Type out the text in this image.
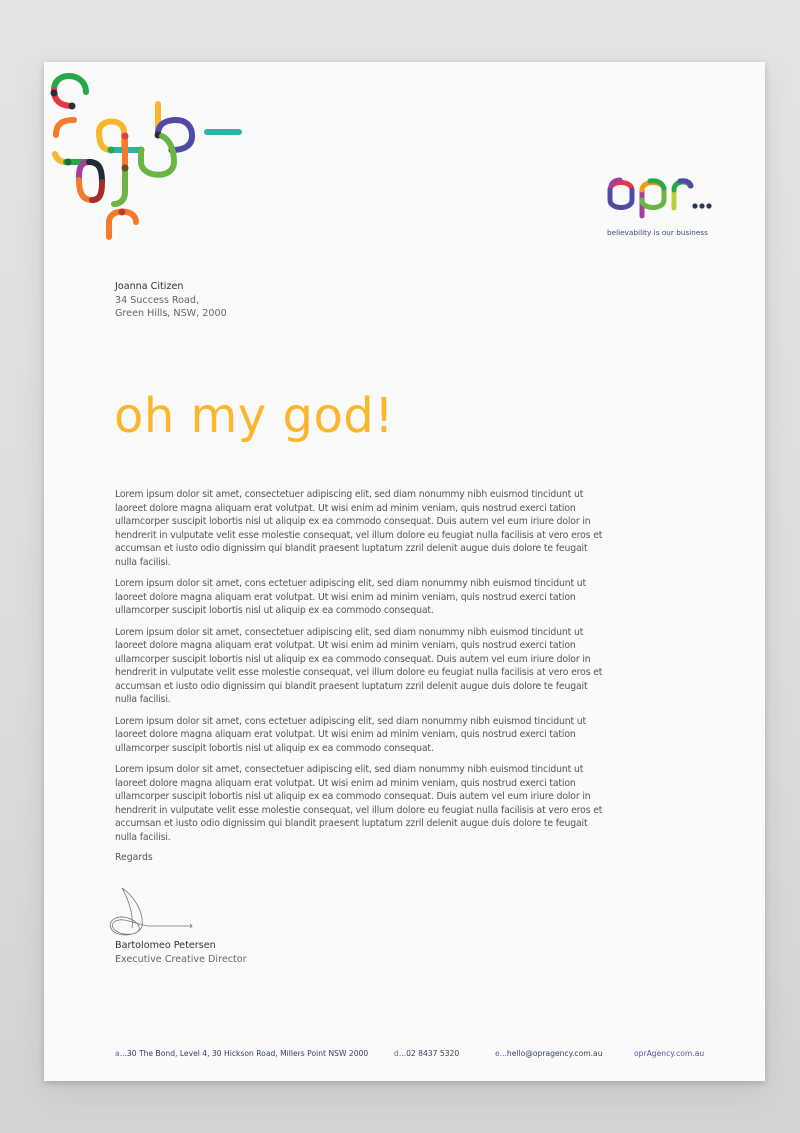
believability is our business
Joanna Citizen
34 Success Road,
Green Hills, NSW, 2000
oh my god!

Lorem ipsum dolor sit amet, consectetuer adipiscing elit, sed diam nonummy nibh euismod tincidunt ut laoreet dolore magna aliquam erat volutpat. Ut wisi enim ad minim veniam, quis nostrud exerci tation ullamcorper suscipit lobortis nisl ut aliquip ex ea commodo consequat. Duis autem vel eum iriure dolor in hendrerit in vulputate velit esse molestie consequat, vel illum dolore eu feugiat nulla facilisis at vero eros et accumsan et iusto odio dignissim qui blandit praesent luptatum zzril delenit augue duis dolore te feugait nulla facilisi.

Lorem ipsum dolor sit amet, cons ectetuer adipiscing elit, sed diam nonummy nibh euismod tincidunt ut laoreet dolore magna aliquam erat volutpat. Ut wisi enim ad minim veniam, quis nostrud exerci tation ullamcorper suscipit lobortis nisl ut aliquip ex ea commodo consequat.

Lorem ipsum dolor sit amet, consectetuer adipiscing elit, sed diam nonummy nibh euismod tincidunt ut laoreet dolore magna aliquam erat volutpat. Ut wisi enim ad minim veniam, quis nostrud exerci tation ullamcorper suscipit lobortis nisl ut aliquip ex ea commodo consequat. Duis autem vel eum iriure dolor in hendrerit in vulputate velit esse molestie consequat, vel illum dolore eu feugiat nulla facilisis at vero eros et accumsan et iusto odio dignissim qui blandit praesent luptatum zzril delenit augue duis dolore te feugait nulla facilisi.

Lorem ipsum dolor sit amet, cons ectetuer adipiscing elit, sed diam nonummy nibh euismod tincidunt ut laoreet dolore magna aliquam erat volutpat. Ut wisi enim ad minim veniam, quis nostrud exerci tation ullamcorper suscipit lobortis nisl ut aliquip ex ea commodo consequat.

Lorem ipsum dolor sit amet, consectetuer adipiscing elit, sed diam nonummy nibh euismod tincidunt ut laoreet dolore magna aliquam erat volutpat. Ut wisi enim ad minim veniam, quis nostrud exerci tation ullamcorper suscipit lobortis nisl ut aliquip ex ea commodo consequat. Duis autem vel eum iriure dolor in hendrerit in vulputate velit esse molestie consequat, vel illum dolore eu feugiat nulla facilisis at vero eros et accumsan et iusto odio dignissim qui blandit praesent luptatum zzril delenit augue duis dolore te feugait nulla facilisi.

Regards
Bartolomeo Petersen
Executive Creative Director
a...30 The Bond, Level 4, 30 Hickson Road, Millers Point NSW 2000	d...02 8437 5320	e...hello@opragency.com.au	oprAgency.com.au
